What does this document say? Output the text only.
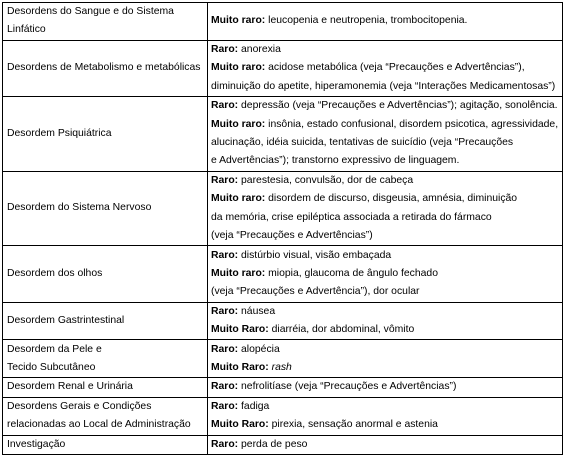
Desordens do Sangue e do Sistema Linfático	Muito raro: leucopenia e neutropenia, trombocitopenia.

Desordens de Metabolismo e metabólicas	Raro: anorexia
Muito raro: acidose metabólica (veja “Precauções e Advertências”),
diminuição do apetite, hiperamonemia (veja “Interações Medicamentosas”)

Desordem Psiquiátrica	Raro: depressão (veja “Precauções e Advertências”); agitação, sonolência.
Muito raro: insônia, estado confusional, disordem psicotica, agressividade,
alucinação, idéia suicida, tentativas de suicídio (veja “Precauções
e Advertências”); transtorno expressivo de linguagem.

Desordem do Sistema Nervoso	Raro: parestesia, convulsão, dor de cabeça
Muito raro: disordem de discurso, disgeusia, amnésia, diminuição
da memória, crise epiléptica associada a retirada do fármaco
(veja “Precauções e Advertências”)

Desordem dos olhos	Raro: distúrbio visual, visão embaçada
Muito raro: miopia, glaucoma de ângulo fechado
(veja “Precauções e Advertência”), dor ocular

Desordem Gastrintestinal	Raro: náusea
Muito Raro: diarréia, dor abdominal, vômito

Desordem da Pele e
Tecido Subcutâneo	Raro: alopécia
Muito Raro: rash

Desordem Renal e Urinária	Raro: nefrolitíase (veja “Precauções e Advertências”)

Desordens Gerais e Condições
relacionadas ao Local de Administração	Raro: fadiga
Muito Raro: pirexia, sensação anormal e astenia

Investigação	Raro: perda de peso
